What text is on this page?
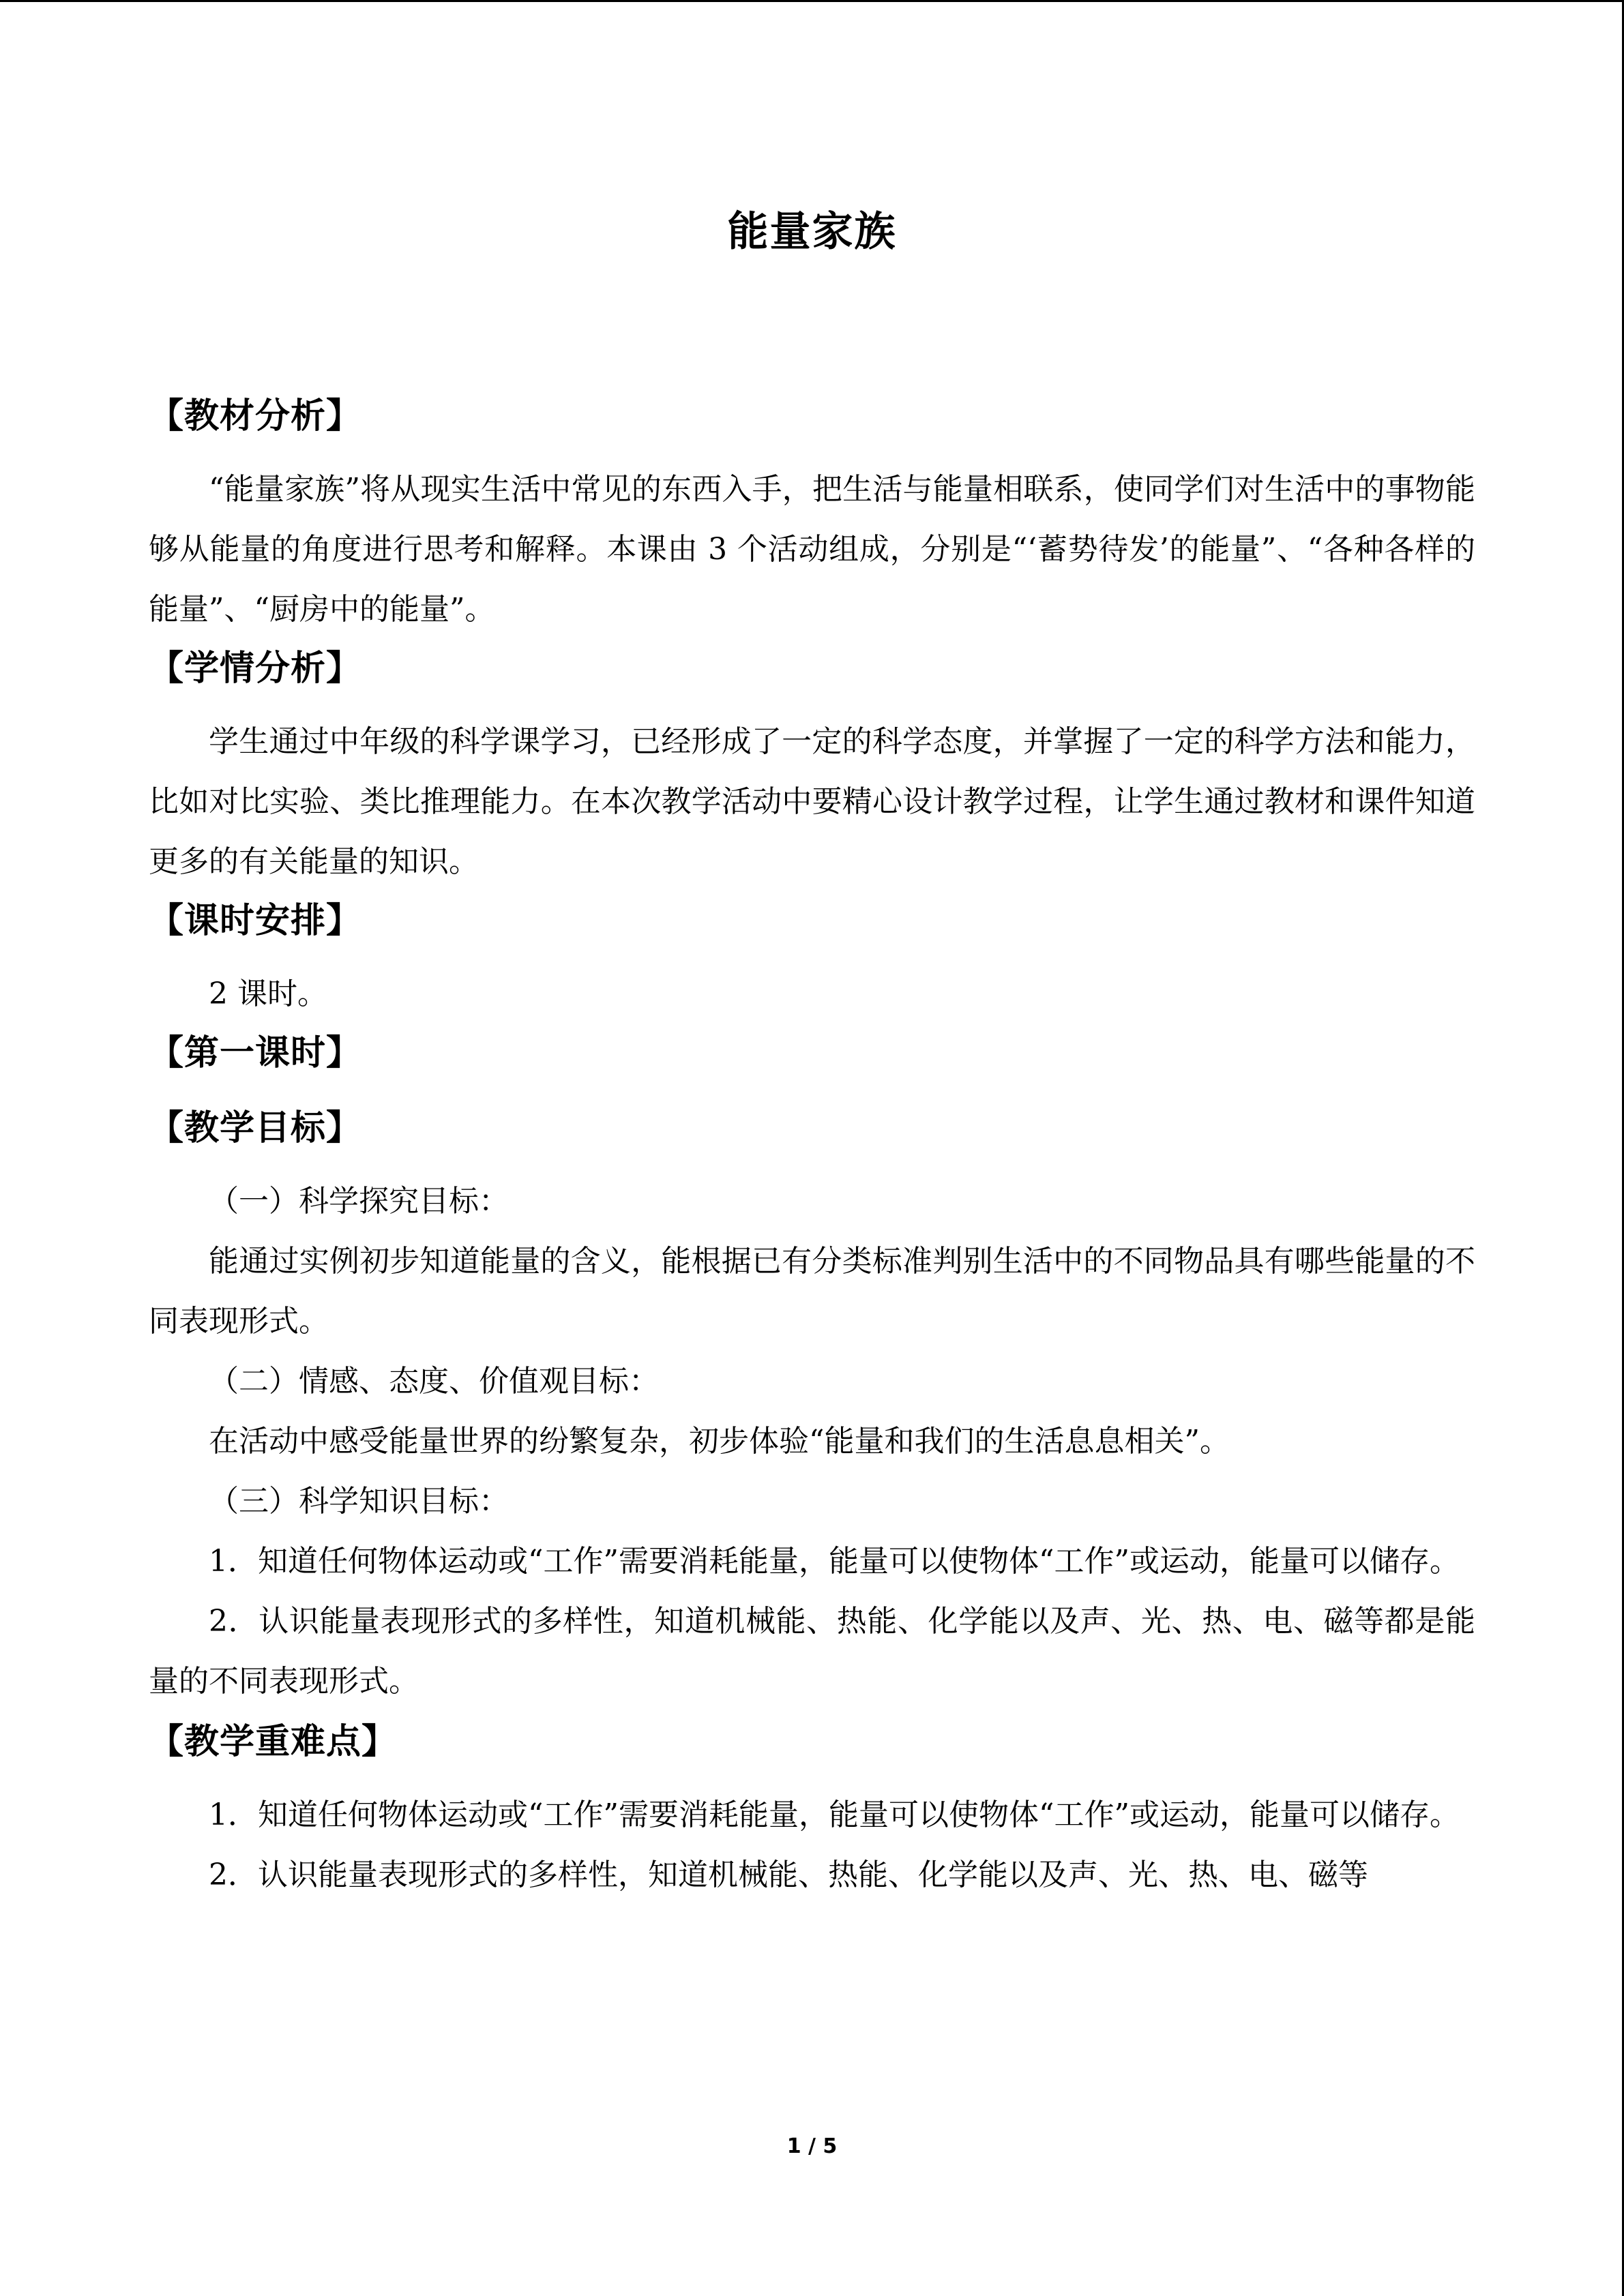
能量家族
【教材分析】

“能量家族”将从现实生活中常见的东西入手，把生活与能量相联系，使同学们对生活中的事物能够从能量的角度进行思考和解释。本课由 3 个活动组成，分别是“‘蓄势待发’的能量”、“各种各样的能量”、“厨房中的能量”。

【学情分析】

学生通过中年级的科学课学习，已经形成了一定的科学态度，并掌握了一定的科学方法和能力，比如对比实验、类比推理能力。在本次教学活动中要精心设计教学过程，让学生通过教材和课件知道更多的有关能量的知识。

【课时安排】

2 课时。

【第一课时】
【教学目标】

（一）科学探究目标：

能通过实例初步知道能量的含义，能根据已有分类标准判别生活中的不同物品具有哪些能量的不同表现形式。

（二）情感、态度、价值观目标：

在活动中感受能量世界的纷繁复杂，初步体验“能量和我们的生活息息相关”。

（三）科学知识目标：

1．知道任何物体运动或“工作”需要消耗能量，能量可以使物体“工作”或运动，能量可以储存。

2．认识能量表现形式的多样性，知道机械能、热能、化学能以及声、光、热、电、磁等都是能量的不同表现形式。

【教学重难点】

1．知道任何物体运动或“工作”需要消耗能量，能量可以使物体“工作”或运动，能量可以储存。

2．认识能量表现形式的多样性，知道机械能、热能、化学能以及声、光、热、电、磁等

1 / 5
